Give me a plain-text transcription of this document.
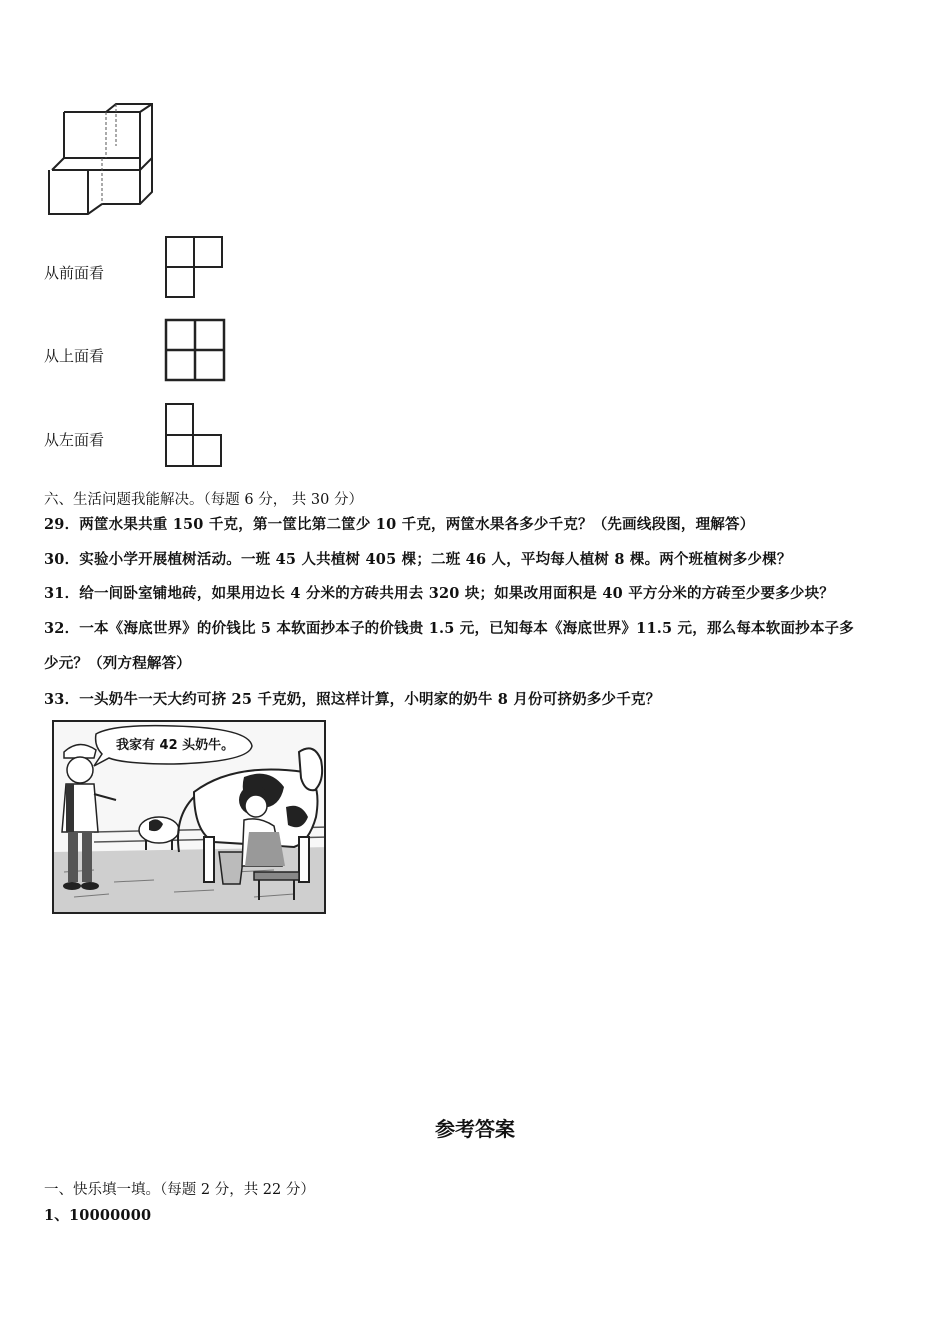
从前面看
从上面看
从左面看
六、生活问题我能解决。（每题 6 分， 共 30 分）
29．两筐水果共重 150 千克，第一筐比第二筐少 10 千克，两筐水果各多少千克？（先画线段图，理解答）
30．实验小学开展植树活动。一班 45 人共植树 405 棵；二班 46 人，平均每人植树 8 棵。两个班植树多少棵？
31．给一间卧室铺地砖，如果用边长 4 分米的方砖共用去 320 块；如果改用面积是 40 平方分米的方砖至少要多少块？
32．一本《海底世界》的价钱比 5 本软面抄本子的价钱贵 1.5 元，已知每本《海底世界》11.5 元，那么每本软面抄本子多
少元？（列方程解答）
33．一头奶牛一天大约可挤 25 千克奶，照这样计算，小明家的奶牛 8 月份可挤奶多少千克？
我家有 42 头奶牛。
参考答案
一、快乐填一填。（每题 2 分，共 22 分）
1、10000000
